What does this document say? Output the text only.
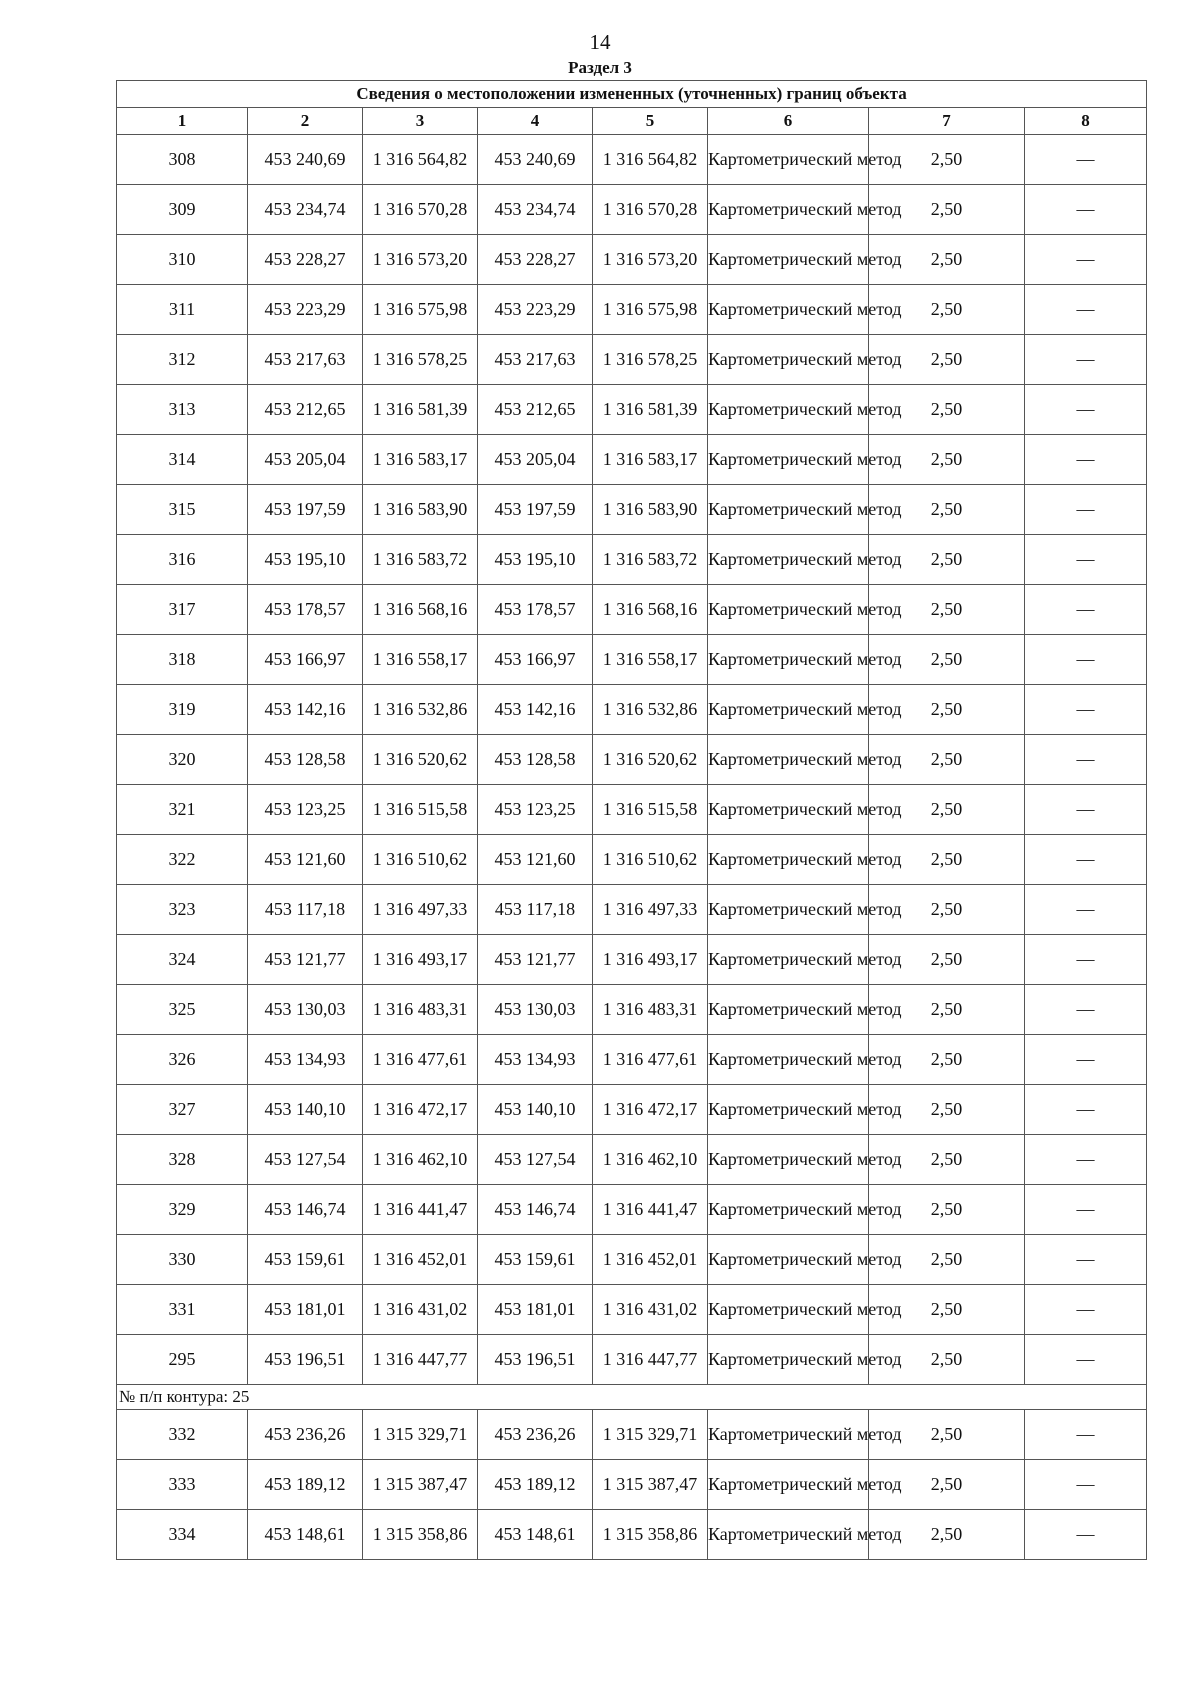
14
Раздел 3
Сведения о местоположении измененных (уточненных) границ объекта							
1	2	3	4	5	6	7	8
308	453 240,69	1 316 564,82	453 240,69	1 316 564,82	Картометрический метод	2,50	—
309	453 234,74	1 316 570,28	453 234,74	1 316 570,28	Картометрический метод	2,50	—
310	453 228,27	1 316 573,20	453 228,27	1 316 573,20	Картометрический метод	2,50	—
311	453 223,29	1 316 575,98	453 223,29	1 316 575,98	Картометрический метод	2,50	—
312	453 217,63	1 316 578,25	453 217,63	1 316 578,25	Картометрический метод	2,50	—
313	453 212,65	1 316 581,39	453 212,65	1 316 581,39	Картометрический метод	2,50	—
314	453 205,04	1 316 583,17	453 205,04	1 316 583,17	Картометрический метод	2,50	—
315	453 197,59	1 316 583,90	453 197,59	1 316 583,90	Картометрический метод	2,50	—
316	453 195,10	1 316 583,72	453 195,10	1 316 583,72	Картометрический метод	2,50	—
317	453 178,57	1 316 568,16	453 178,57	1 316 568,16	Картометрический метод	2,50	—
318	453 166,97	1 316 558,17	453 166,97	1 316 558,17	Картометрический метод	2,50	—
319	453 142,16	1 316 532,86	453 142,16	1 316 532,86	Картометрический метод	2,50	—
320	453 128,58	1 316 520,62	453 128,58	1 316 520,62	Картометрический метод	2,50	—
321	453 123,25	1 316 515,58	453 123,25	1 316 515,58	Картометрический метод	2,50	—
322	453 121,60	1 316 510,62	453 121,60	1 316 510,62	Картометрический метод	2,50	—
323	453 117,18	1 316 497,33	453 117,18	1 316 497,33	Картометрический метод	2,50	—
324	453 121,77	1 316 493,17	453 121,77	1 316 493,17	Картометрический метод	2,50	—
325	453 130,03	1 316 483,31	453 130,03	1 316 483,31	Картометрический метод	2,50	—
326	453 134,93	1 316 477,61	453 134,93	1 316 477,61	Картометрический метод	2,50	—
327	453 140,10	1 316 472,17	453 140,10	1 316 472,17	Картометрический метод	2,50	—
328	453 127,54	1 316 462,10	453 127,54	1 316 462,10	Картометрический метод	2,50	—
329	453 146,74	1 316 441,47	453 146,74	1 316 441,47	Картометрический метод	2,50	—
330	453 159,61	1 316 452,01	453 159,61	1 316 452,01	Картометрический метод	2,50	—
331	453 181,01	1 316 431,02	453 181,01	1 316 431,02	Картометрический метод	2,50	—
295	453 196,51	1 316 447,77	453 196,51	1 316 447,77	Картометрический метод	2,50	—
№ п/п контура: 25							
332	453 236,26	1 315 329,71	453 236,26	1 315 329,71	Картометрический метод	2,50	—
333	453 189,12	1 315 387,47	453 189,12	1 315 387,47	Картометрический метод	2,50	—
334	453 148,61	1 315 358,86	453 148,61	1 315 358,86	Картометрический метод	2,50	—
